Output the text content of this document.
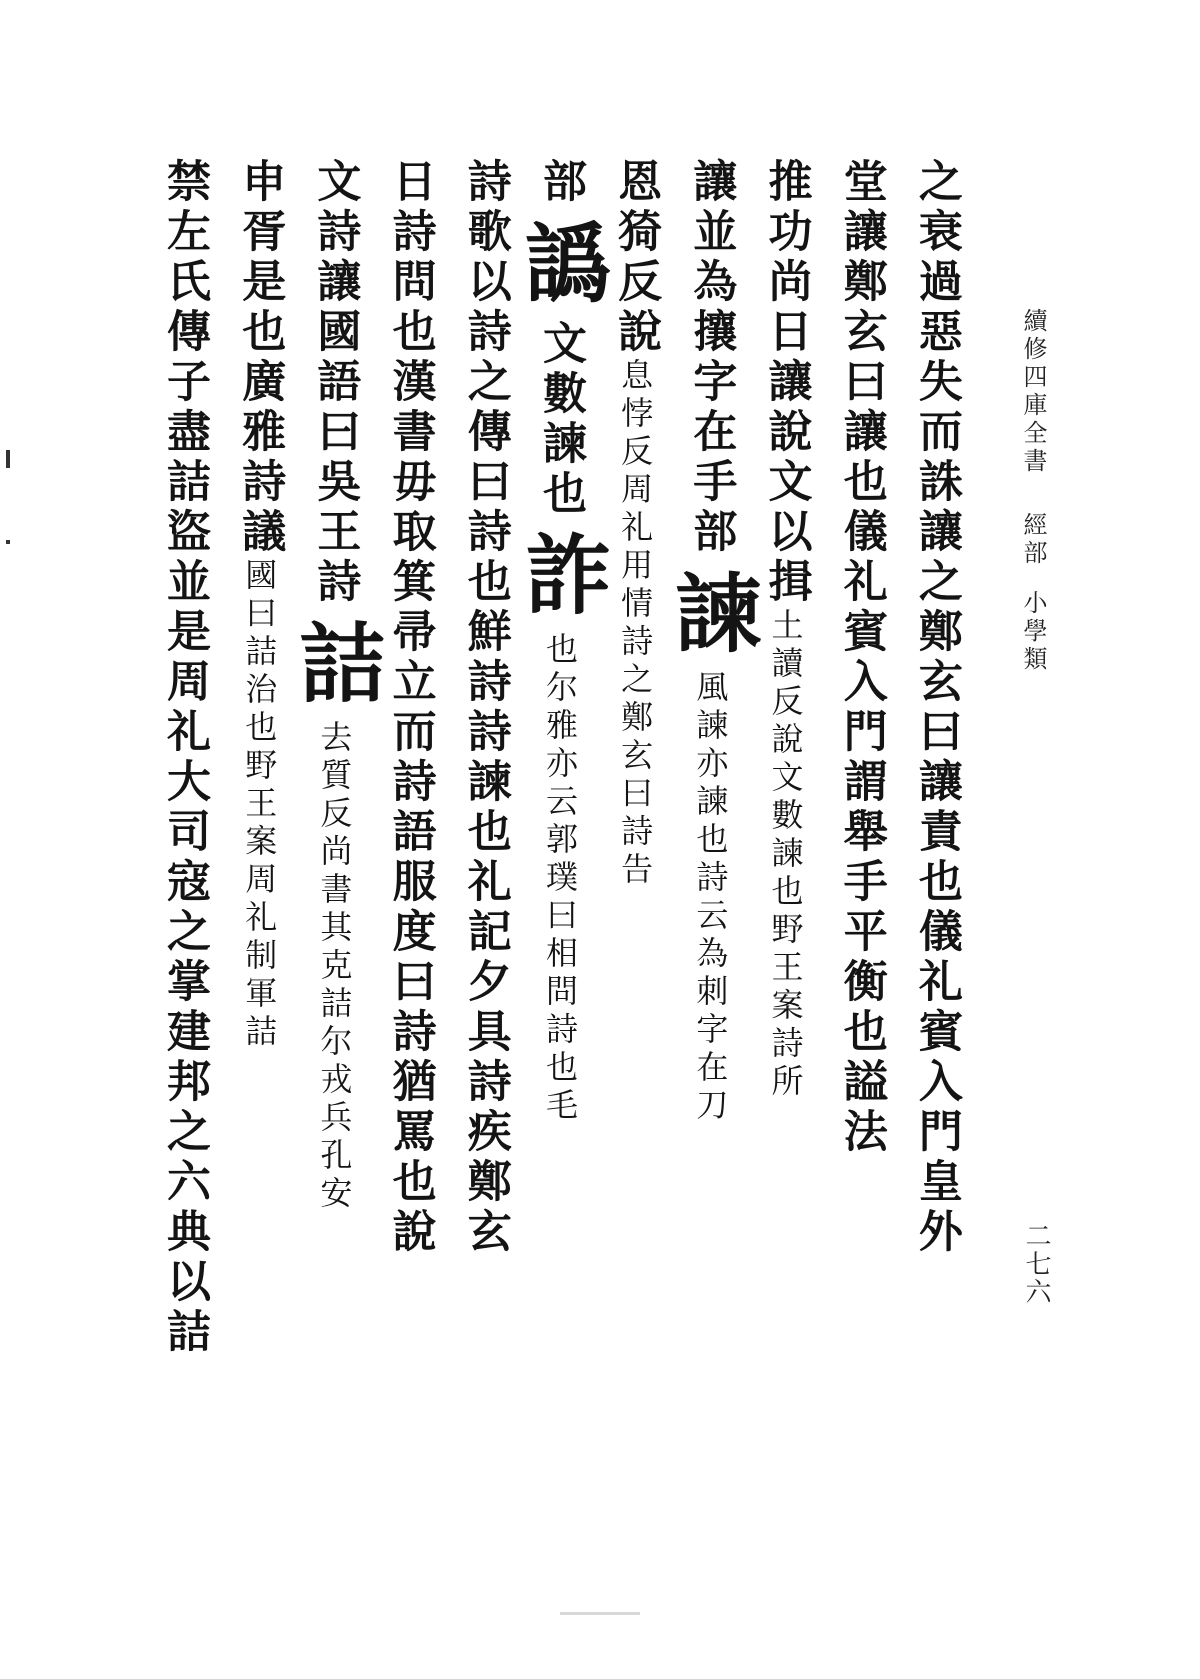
續修四庫全書經部小學類
二七六
之衰過惡失而誅讓之鄭玄曰讓責也儀礼賓入門皇外
堂讓鄭玄曰讓也儀礼賓入門謂舉手平衡也謚法
推功尚日讓說文以揖土讀反說文數諫也野王案詩所
讓並為攘字在手部諫風諫亦諫也詩云為刺字在刀
恩猗反說息悖反周礼用情詩之鄭玄曰詩告
部譌文數諫也詐也尔雅亦云郭璞曰相問詩也毛
詩歌以詩之傳曰詩也鮮詩詩諫也礼記夕具詩疾鄭玄
日詩問也漢書毋取箕帚立而詩語服度曰詩猶罵也說
文詩讓國語曰吳王詩詰去質反尚書其克詰尔戎兵孔安
申胥是也廣雅詩議國曰詰治也野王案周礼制軍詰
禁左氏傳子盡詰盜並是周礼大司寇之掌建邦之六典以詰
